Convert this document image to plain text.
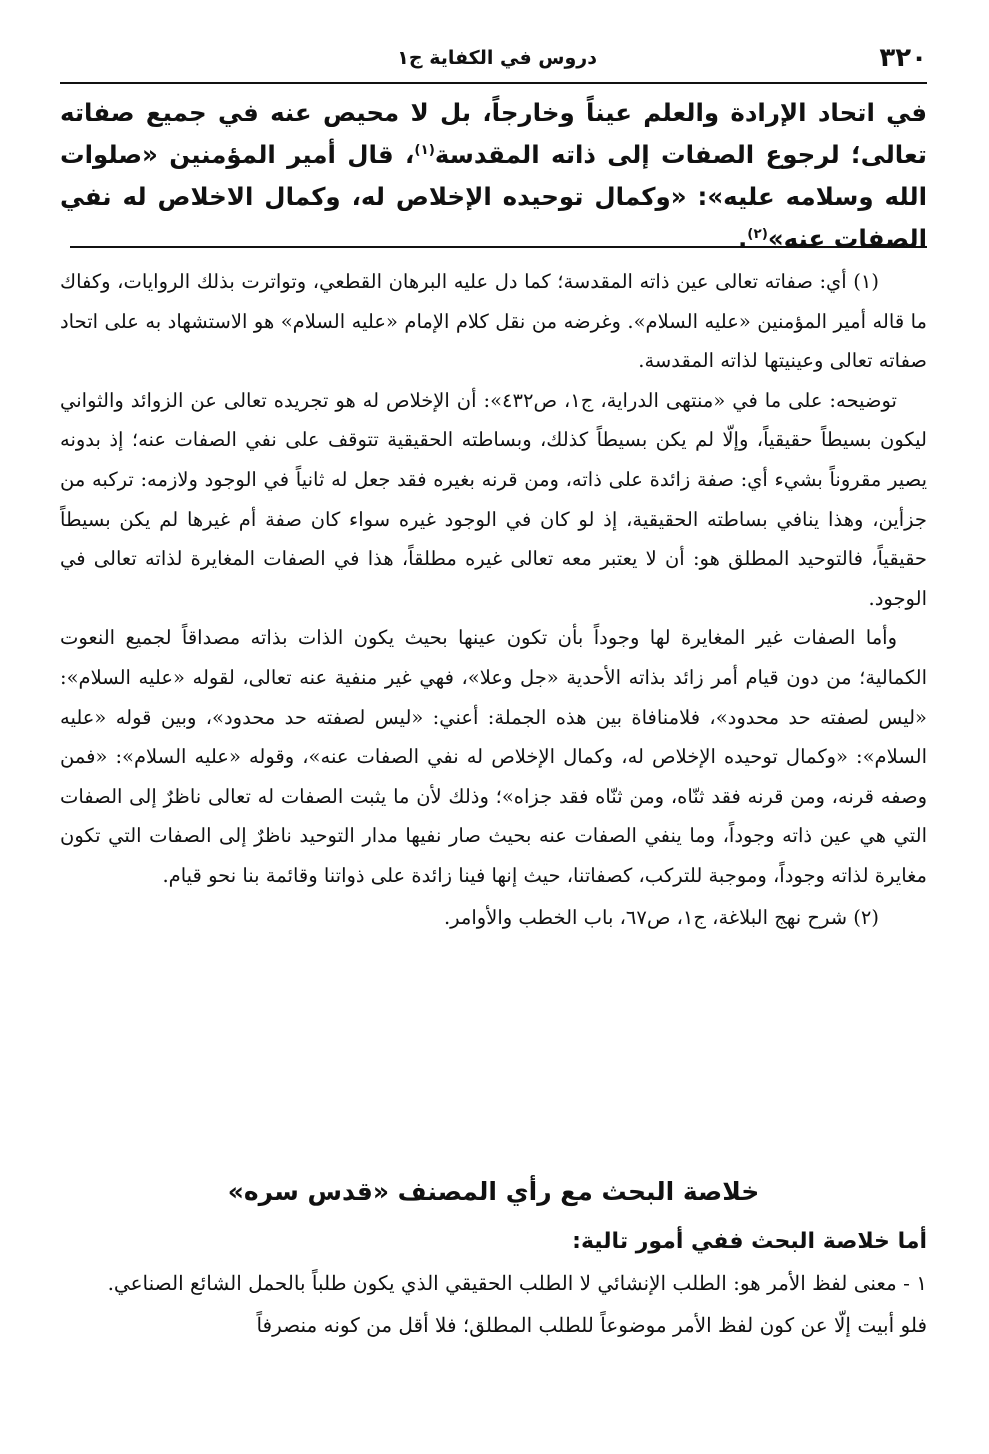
٣٢٠
دروس في الكفاية ج١

في اتحاد الإرادة والعلم عيناً وخارجاً، بل لا محيص عنه في جميع صفاته تعالى؛ لرجوع الصفات إلى ذاته المقدسة$^{(١)}$، قال أمير المؤمنين «صلوات الله وسلامه عليه»: «وكمال توحيده الإخلاص له، وكمال الاخلاص له نفي الصفات عنه»$^{(٢)}$.

(١) أي: صفاته تعالى عين ذاته المقدسة؛ كما دل عليه البرهان القطعي، وتواترت بذلك الروايات، وكفاك ما قاله أمير المؤمنين «عليه السلام». وغرضه من نقل كلام الإمام «عليه السلام» هو الاستشهاد به على اتحاد صفاته تعالى وعينيتها لذاته المقدسة.

توضيحه: على ما في «منتهى الدراية، ج١، ص٤٣٢»: أن الإخلاص له هو تجريده تعالى عن الزوائد والثواني ليكون بسيطاً حقيقياً، وإلّا لم يكن بسيطاً كذلك، وبساطته الحقيقية تتوقف على نفي الصفات عنه؛ إذ بدونه يصير مقروناً بشيء أي: صفة زائدة على ذاته، ومن قرنه بغيره فقد جعل له ثانياً في الوجود ولازمه: تركبه من جزأين، وهذا ينافي بساطته الحقيقية، إذ لو كان في الوجود غيره سواء كان صفة أم غيرها لم يكن بسيطاً حقيقياً، فالتوحيد المطلق هو: أن لا يعتبر معه تعالى غيره مطلقاً، هذا في الصفات المغايرة لذاته تعالى في الوجود.

وأما الصفات غير المغايرة لها وجوداً بأن تكون عينها بحيث يكون الذات بذاته مصداقاً لجميع النعوت الكمالية؛ من دون قيام أمر زائد بذاته الأحدية «جل وعلا»، فهي غير منفية عنه تعالى، لقوله «عليه السلام»: «ليس لصفته حد محدود»، فلامنافاة بين هذه الجملة: أعني: «ليس لصفته حد محدود»، وبين قوله «عليه السلام»: «وكمال توحيده الإخلاص له، وكمال الإخلاص له نفي الصفات عنه»، وقوله «عليه السلام»: «فمن وصفه قرنه، ومن قرنه فقد ثنّاه، ومن ثنّاه فقد جزاه»؛ وذلك لأن ما يثبت الصفات له تعالى ناظرٌ إلى الصفات التي هي عين ذاته وجوداً، وما ينفي الصفات عنه بحيث صار نفيها مدار التوحيد ناظرٌ إلى الصفات التي تكون مغايرة لذاته وجوداً، وموجبة للتركب، كصفاتنا، حيث إنها فينا زائدة على ذواتنا وقائمة بنا نحو قيام.

(٢) شرح نهج البلاغة، ج١، ص٦٧، باب الخطب والأوامر.

خلاصة البحث مع رأي المصنف «قدس سره»
أما خلاصة البحث ففي أمور تالية:

١ - معنى لفظ الأمر هو: الطلب الإنشائي لا الطلب الحقيقي الذي يكون طلباً بالحمل الشائع الصناعي.

فلو أبيت إلّا عن كون لفظ الأمر موضوعاً للطلب المطلق؛ فلا أقل من كونه منصرفاً
